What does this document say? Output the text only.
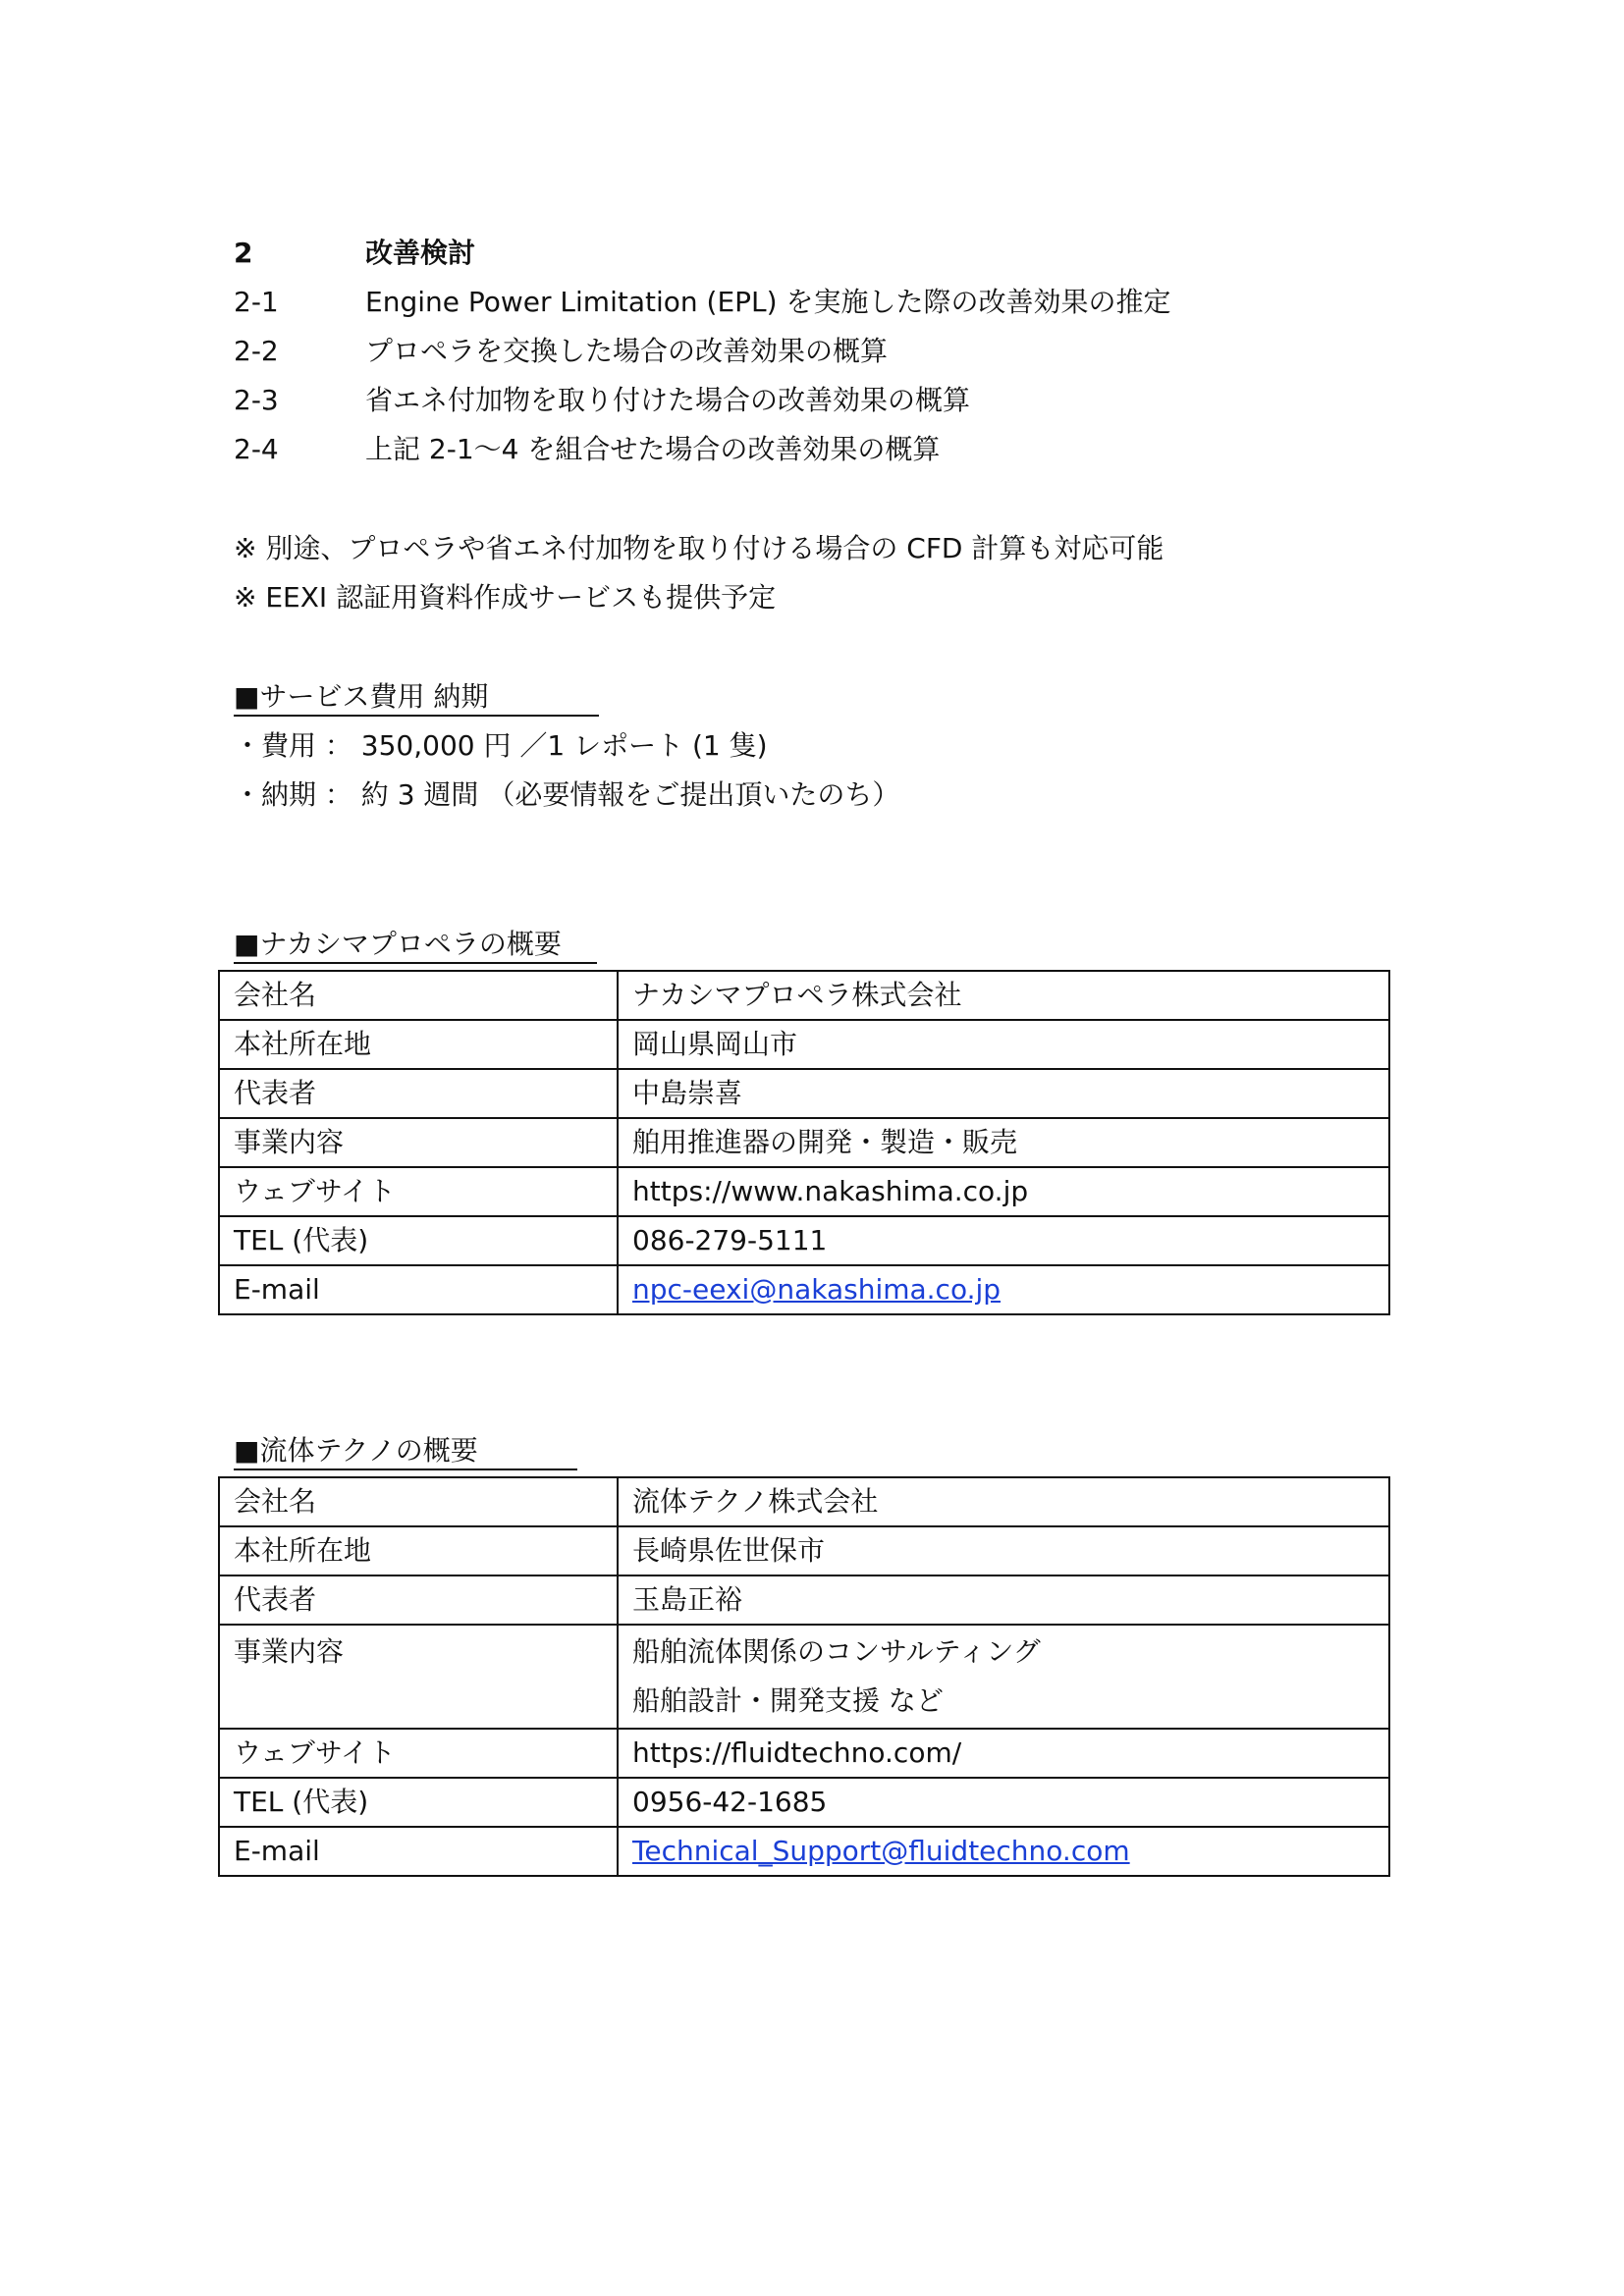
2	改善検討
2-1	Engine Power Limitation (EPL) を実施した際の改善効果の推定
2-2	プロペラを交換した場合の改善効果の概算
2-3	省エネ付加物を取り付けた場合の改善効果の概算
2-4	上記 2-1～4 を組合せた場合の改善効果の概算
※ 別途、プロペラや省エネ付加物を取り付ける場合の CFD 計算も対応可能
※ EEXI 認証用資料作成サービスも提供予定
■サービス費用 納期
・費用 ： 350,000 円 ／1 レポート (1 隻)
・納期 ： 約 3 週間 （必要情報をご提出頂いたのち）
■ナカシマプロペラの概要
会社名	ナカシマプロペラ株式会社
本社所在地	岡山県岡山市
代表者	中島崇喜
事業内容	舶用推進器の開発・製造・販売
ウェブサイト	https://www.nakashima.co.jp
TEL (代表)	086-279-5111
E-mail	npc-eexi@nakashima.co.jp
■流体テクノの概要
会社名	流体テクノ株式会社
本社所在地	長崎県佐世保市
代表者	玉島正裕
事業内容	船舶流体関係のコンサルティング
船舶設計・開発支援 など

ウェブサイト	https://fluidtechno.com/
TEL (代表)	0956-42-1685
E-mail	Technical_Support@fluidtechno.com
